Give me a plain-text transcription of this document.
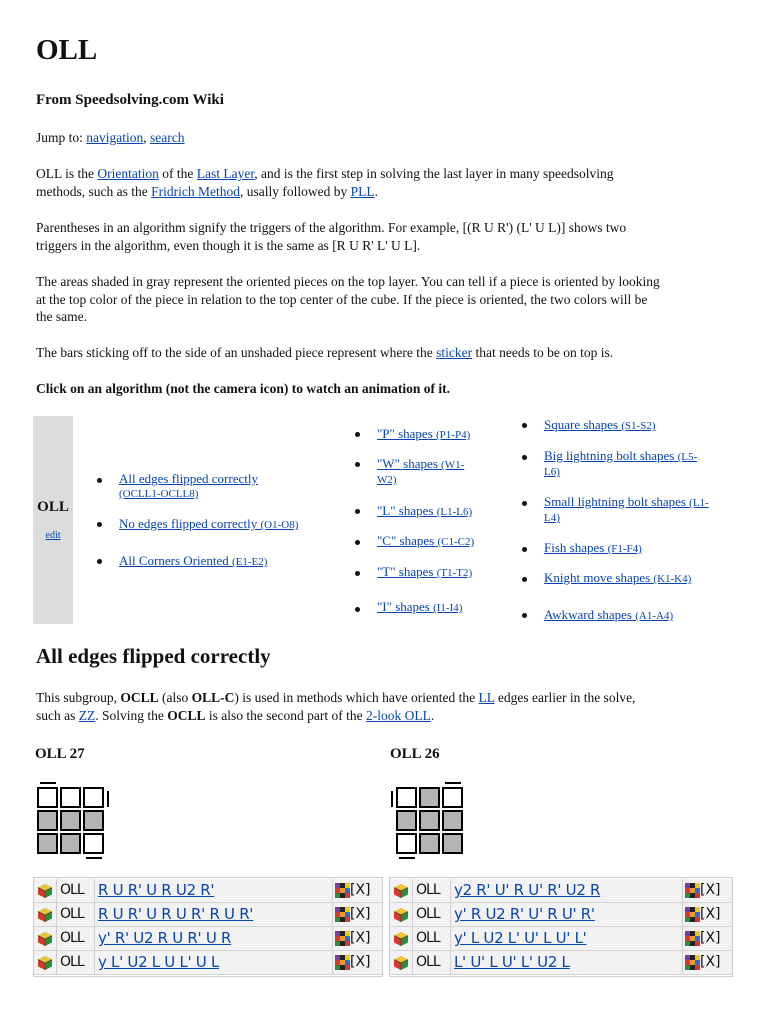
OLL
From Speedsolving.com Wiki
Jump to: navigation, search
OLL is the Orientation of the Last Layer, and is the first step in solving the last layer in many speedsolving
methods, such as the Fridrich Method, usally followed by PLL.
Parentheses in an algorithm signify the triggers of the algorithm. For example, [(R U R') (L' U L)] shows two
triggers in the algorithm, even though it is the same as [R U R' L' U L].
The areas shaded in gray represent the oriented pieces on the top layer. You can tell if a piece is oriented by looking
at the top color of the piece in relation to the top center of the cube. If the piece is oriented, the two colors will be
the same.
The bars sticking off to the side of an unshaded piece represent where the sticker that needs to be on top is.
Click on an algorithm (not the camera icon) to watch an animation of it.
OLL
edit
All edges flipped correctly
(OCLL1-OCLL8)
No edges flipped correctly (O1-O8)
All Corners Oriented (E1-E2)
"P" shapes (P1-P4)
"W" shapes (W1-
W2)
"L" shapes (L1-L6)
"C" shapes (C1-C2)
"T" shapes (T1-T2)
"I" shapes (I1-I4)
Square shapes (S1-S2)
Big lightning bolt shapes (L5-
L6)
Small lightning bolt shapes (L1-
L4)
Fish shapes (F1-F4)
Knight move shapes (K1-K4)
Awkward shapes (A1-A4)
All edges flipped correctly
This subgroup, OCLL (also OLL-C) is used in methods which have oriented the LL edges earlier in the solve,
such as ZZ. Solving the OCLL is also the second part of the 2-look OLL.
OLL 27	OLL 26
OLL R U R' U R U2 R'	[X]
OLL R U R' U R U R' R U R'	[X]
OLL y' R' U2 R U R' U R	[X]
OLL y L' U2 L U L' U L	[X]
OLL y2 R' U' R U' R' U2 R	[X]
OLL y' R U2 R' U' R U' R'	[X]
OLL y' L U2 L' U' L U' L'	[X]
OLL L' U' L U' L' U2 L	[X]
